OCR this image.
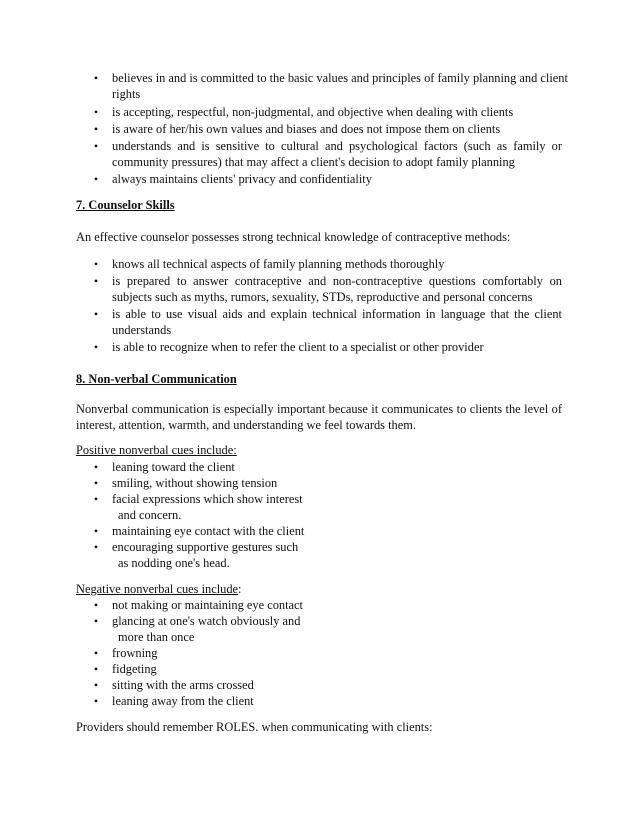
•	believes in and is committed to the basic values and principles of family planning and client
rights
•	is accepting, respectful, non-judgmental, and objective when dealing with clients
•	is aware of her/his own values and biases and does not impose them on clients
•	understands and is sensitive to cultural and psychological factors (such as family or
community pressures) that may affect a client's decision to adopt family planning
•	always maintains clients' privacy and confidentiality
7. Counselor Skills
An effective counselor possesses strong technical knowledge of contraceptive methods:
•	knows all technical aspects of family planning methods thoroughly
•	is prepared to answer contraceptive and non-contraceptive questions comfortably on
subjects such as myths, rumors, sexuality, STDs, reproductive and personal concerns
•	is able to use visual aids and explain technical information in language that the client
understands
•	is able to recognize when to refer the client to a specialist or other provider
8. Non-verbal Communication
Nonverbal communication is especially important because it communicates to clients the level of
interest, attention, warmth, and understanding we feel towards them.
Positive nonverbal cues include:
•	leaning toward the client
•	smiling, without showing tension
•	facial expressions which show interest
and concern.
•	maintaining eye contact with the client
•	encouraging supportive gestures such
as nodding one's head.
Negative nonverbal cues include:
•	not making or maintaining eye contact
•	glancing at one's watch obviously and
more than once
•	frowning
•	fidgeting
•	sitting with the arms crossed
•	leaning away from the client
Providers should remember ROLES. when communicating with clients:
